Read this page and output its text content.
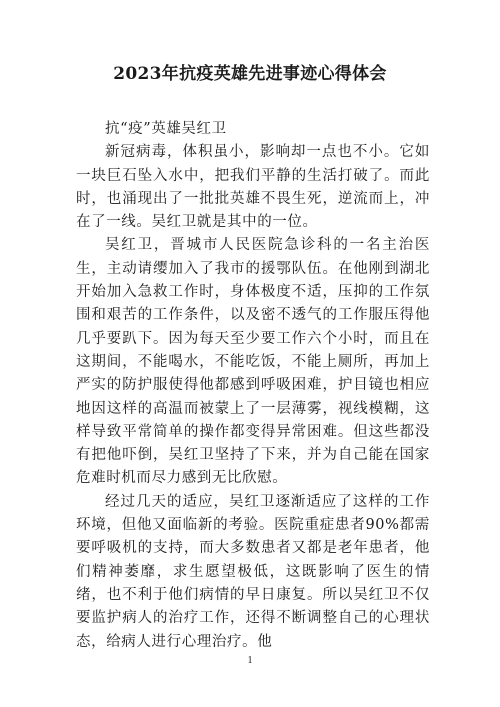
2023年抗疫英雄先进事迹心得体会

抗“疫”英雄吴红卫

新冠病毒，体积虽小，影响却一点也不小。它如一块巨石坠入水中，把我们平静的生活打破了。而此时，也涌现出了一批批英雄不畏生死，逆流而上，冲在了一线。吴红卫就是其中的一位。

吴红卫，晋城市人民医院急诊科的一名主治医生，主动请缨加入了我市的援鄂队伍。在他刚到湖北开始加入急救工作时，身体极度不适，压抑的工作氛围和艰苦的工作条件，以及密不透气的工作服压得他几乎要趴下。因为每天至少要工作六个小时，而且在这期间，不能喝水，不能吃饭，不能上厕所，再加上严实的防护服使得他都感到呼吸困难，护目镜也相应地因这样的高温而被蒙上了一层薄雾，视线模糊，这样导致平常简单的操作都变得异常困难。但这些都没有把他吓倒，吴红卫坚持了下来，并为自己能在国家危难时机而尽力感到无比欣慰。

经过几天的适应，吴红卫逐渐适应了这样的工作环境，但他又面临新的考验。医院重症患者90%都需要呼吸机的支持，而大多数患者又都是老年患者，他们精神萎靡，求生愿望极低，这既影响了医生的情绪，也不利于他们病情的早日康复。所以吴红卫不仅要监护病人的治疗工作，还得不断调整自己的心理状态，给病人进行心理治疗。他

1
